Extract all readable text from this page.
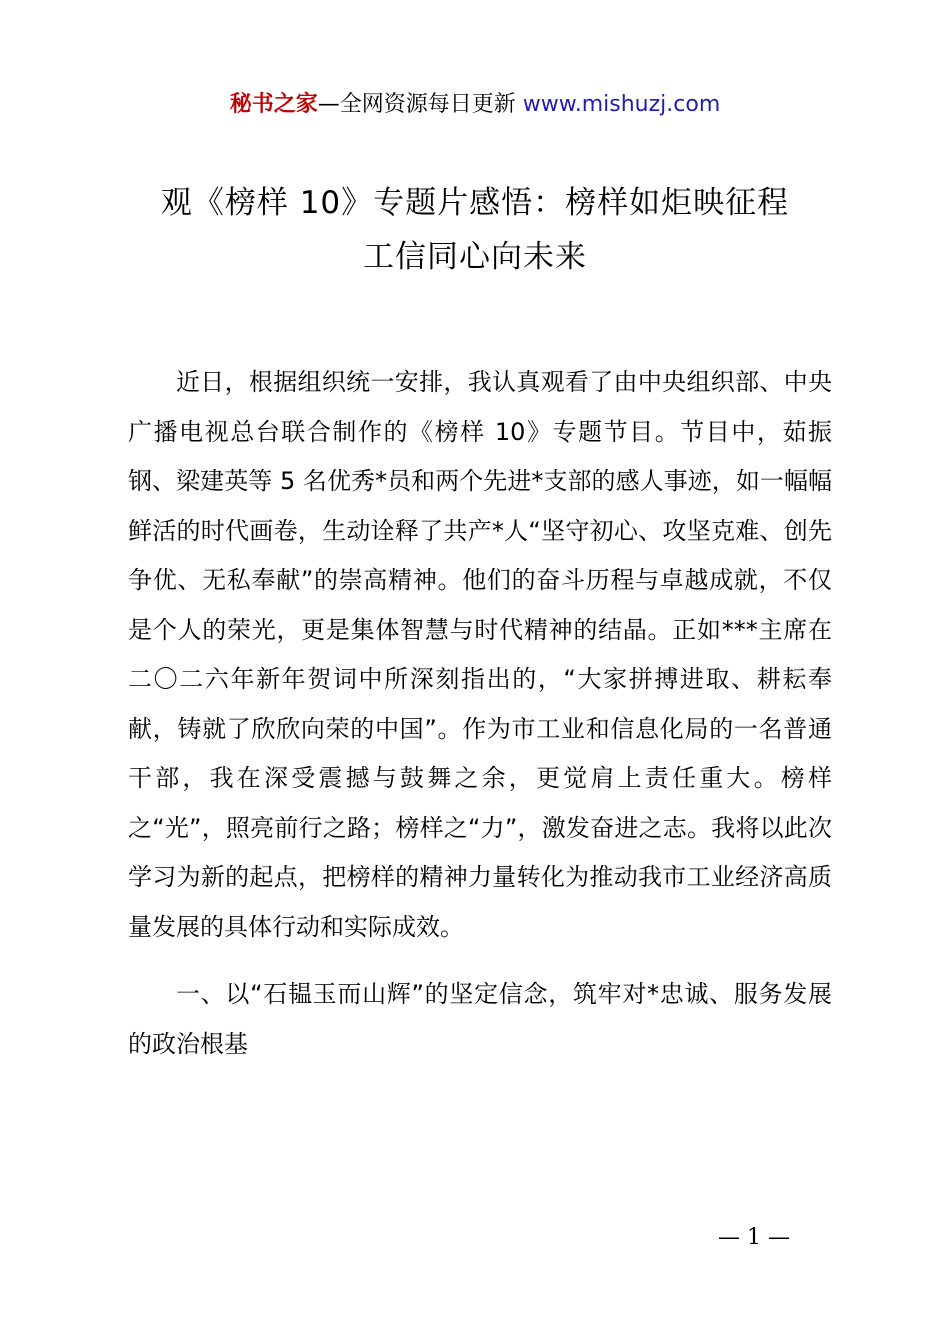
秘书之家—全网资源每日更新 www.mishuzj.com
观《榜样 10》专题片感悟：榜样如炬映征程
工信同心向未来

近日，根据组织统一安排，我认真观看了由中央组织部、中央广播电视总台联合制作的《榜样 10》专题节目。节目中，茹振钢、梁建英等 5 名优秀*员和两个先进*支部的感人事迹，如一幅幅鲜活的时代画卷，生动诠释了共产*人“坚守初心、攻坚克难、创先争优、无私奉献”的崇高精神。他们的奋斗历程与卓越成就，不仅是个人的荣光，更是集体智慧与时代精神的结晶。正如***主席在二〇二六年新年贺词中所深刻指出的，“大家拼搏进取、耕耘奉献，铸就了欣欣向荣的中国”。作为市工业和信息化局的一名普通干部，我在深受震撼与鼓舞之余，更觉肩上责任重大。榜样之“光”，照亮前行之路；榜样之“力”，激发奋进之志。我将以此次学习为新的起点，把榜样的精神力量转化为推动我市工业经济高质量发展的具体行动和实际成效。

一、以“石韫玉而山辉”的坚定信念，筑牢对*忠诚、服务发展的政治根基

— 1 —
